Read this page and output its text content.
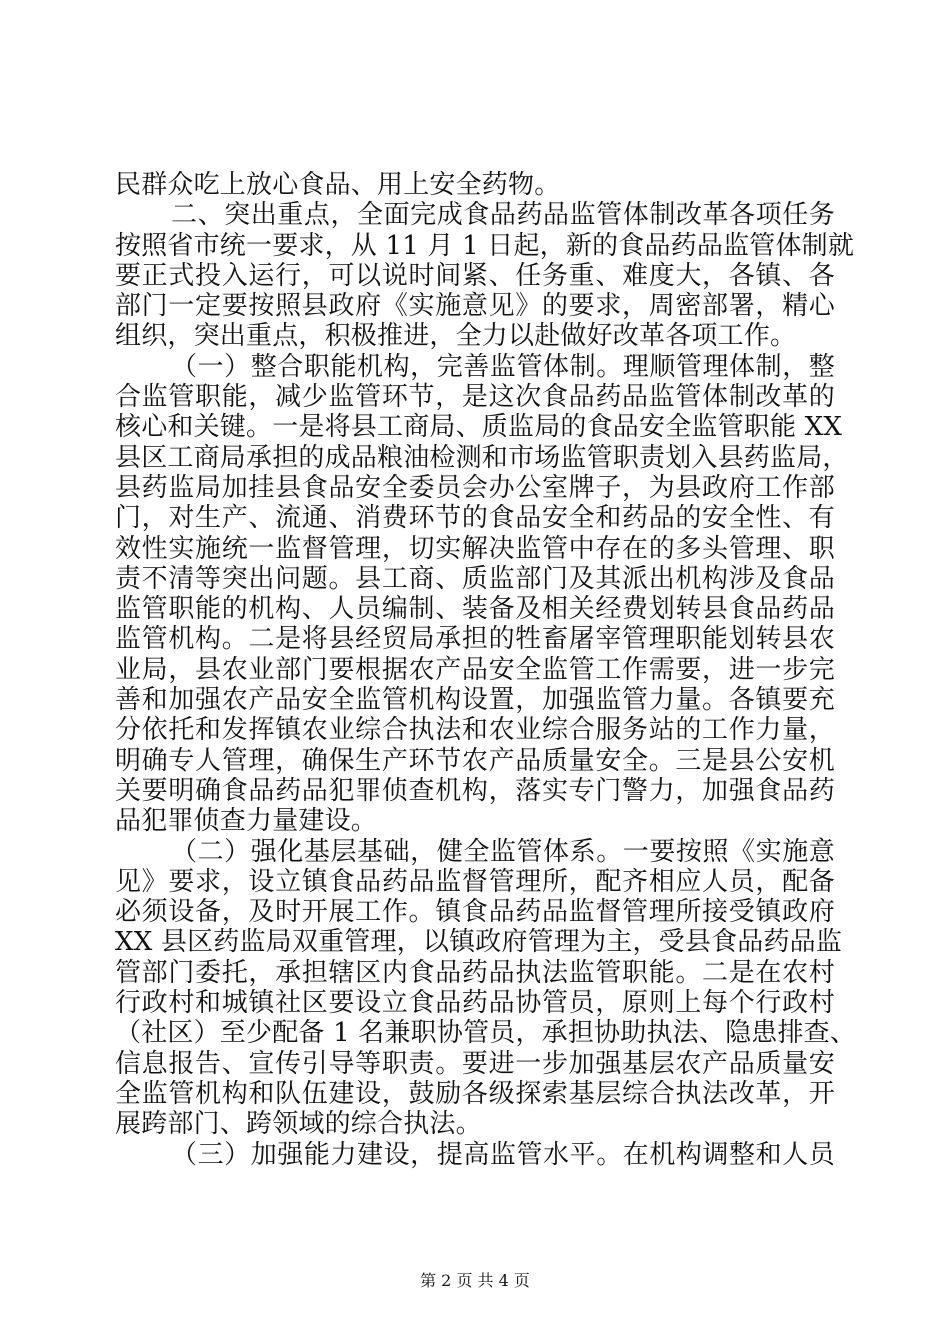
民群众吃上放心食品、用上安全药物。
二、突出重点，全面完成食品药品监管体制改革各项任务
按照省市统一要求，从 11 月 1 日起，新的食品药品监管体制就
要正式投入运行，可以说时间紧、任务重、难度大，各镇、各
部门一定要按照县政府《实施意见》的要求，周密部署，精心
组织，突出重点，积极推进，全力以赴做好改革各项工作。
（一）整合职能机构，完善监管体制。理顺管理体制，整
合监管职能，减少监管环节，是这次食品药品监管体制改革的
核心和关键。一是将县工商局、质监局的食品安全监管职能 XX
县区工商局承担的成品粮油检测和市场监管职责划入县药监局，
县药监局加挂县食品安全委员会办公室牌子，为县政府工作部
门，对生产、流通、消费环节的食品安全和药品的安全性、有
效性实施统一监督管理，切实解决监管中存在的多头管理、职
责不清等突出问题。县工商、质监部门及其派出机构涉及食品
监管职能的机构、人员编制、装备及相关经费划转县食品药品
监管机构。二是将县经贸局承担的牲畜屠宰管理职能划转县农
业局，县农业部门要根据农产品安全监管工作需要，进一步完
善和加强农产品安全监管机构设置，加强监管力量。各镇要充
分依托和发挥镇农业综合执法和农业综合服务站的工作力量，
明确专人管理，确保生产环节农产品质量安全。三是县公安机
关要明确食品药品犯罪侦查机构，落实专门警力，加强食品药
品犯罪侦查力量建设。
（二）强化基层基础，健全监管体系。一要按照《实施意
见》要求，设立镇食品药品监督管理所，配齐相应人员，配备
必须设备，及时开展工作。镇食品药品监督管理所接受镇政府
XX 县区药监局双重管理，以镇政府管理为主，受县食品药品监
管部门委托，承担辖区内食品药品执法监管职能。二是在农村
行政村和城镇社区要设立食品药品协管员，原则上每个行政村
（社区）至少配备 1 名兼职协管员，承担协助执法、隐患排查、
信息报告、宣传引导等职责。要进一步加强基层农产品质量安
全监管机构和队伍建设，鼓励各级探索基层综合执法改革，开
展跨部门、跨领域的综合执法。
（三）加强能力建设，提高监管水平。在机构调整和人员
第 2 页 共 4 页
